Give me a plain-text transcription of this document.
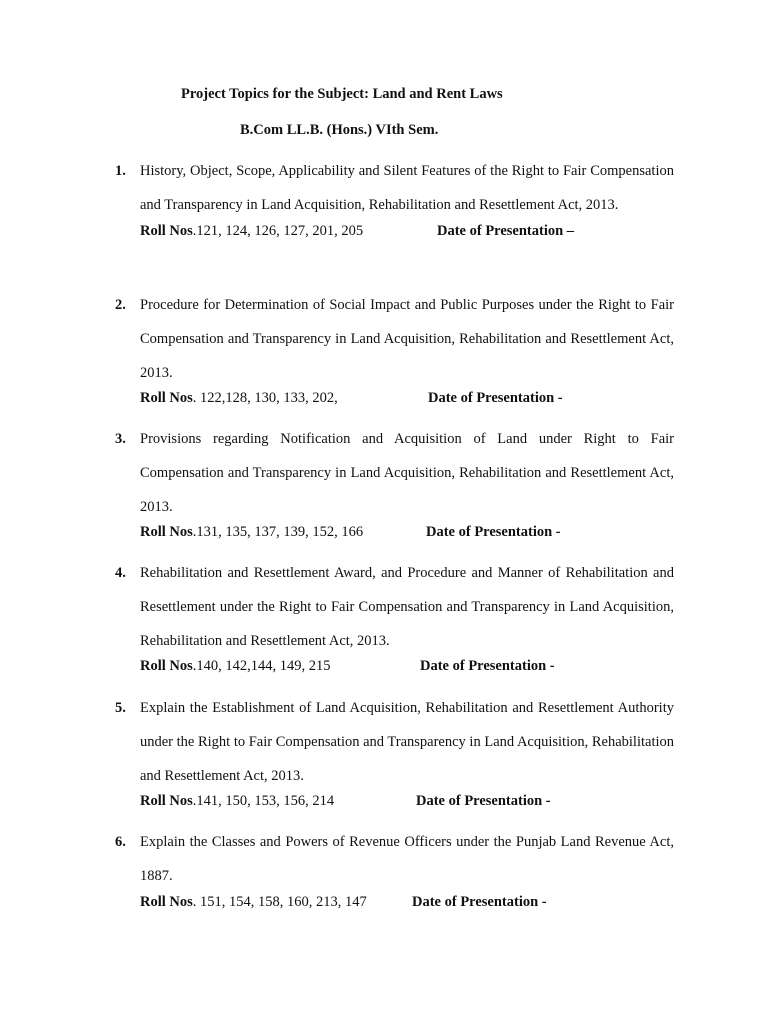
Project Topics for the Subject: Land and Rent Laws
B.Com LL.B. (Hons.) VIth Sem.
1. History, Object, Scope, Applicability and Silent Features of the Right to Fair Compensation and Transparency in Land Acquisition, Rehabilitation and Resettlement Act, 2013.
Roll Nos.121, 124, 126, 127, 201, 205	Date of Presentation –
2. Procedure for Determination of Social Impact and Public Purposes under the Right to Fair Compensation and Transparency in Land Acquisition, Rehabilitation and Resettlement Act, 2013.
Roll Nos. 122,128, 130, 133, 202,	Date of Presentation -
3. Provisions regarding Notification and Acquisition of Land under Right to Fair Compensation and Transparency in Land Acquisition, Rehabilitation and Resettlement Act, 2013.
Roll Nos.131, 135, 137, 139, 152, 166	Date of Presentation -
4. Rehabilitation and Resettlement Award, and Procedure and Manner of Rehabilitation and Resettlement under the Right to Fair Compensation and Transparency in Land Acquisition, Rehabilitation and Resettlement Act, 2013.
Roll Nos.140, 142,144, 149, 215	Date of Presentation -
5. Explain the Establishment of Land Acquisition, Rehabilitation and Resettlement Authority under the Right to Fair Compensation and Transparency in Land Acquisition, Rehabilitation and Resettlement Act, 2013.
Roll Nos.141, 150, 153, 156, 214	Date of Presentation -
6. Explain the Classes and Powers of Revenue Officers under the Punjab Land Revenue Act, 1887.
Roll Nos. 151, 154, 158, 160, 213, 147	Date of Presentation -
